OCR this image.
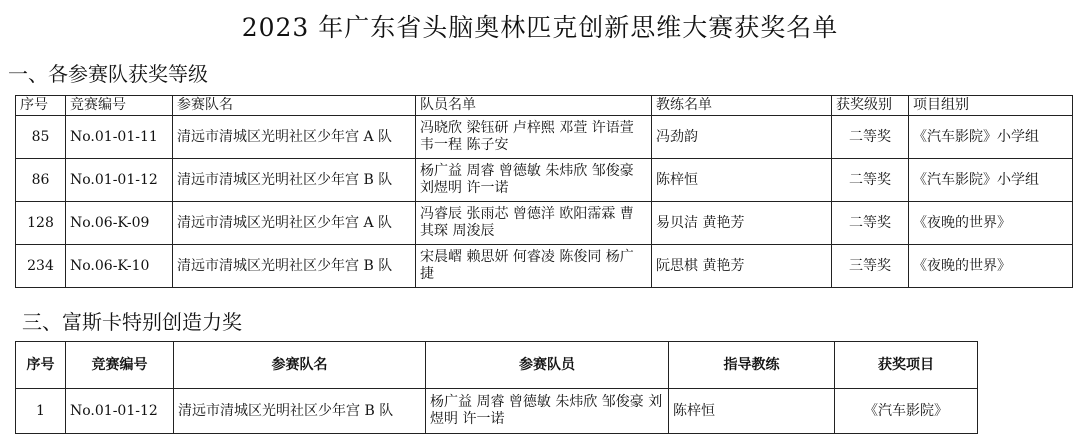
2023 年广东省头脑奥林匹克创新思维大赛获奖名单
一、各参赛队获奖等级
序号	竞赛编号	参赛队名	队员名单	教练名单	获奖级别	项目组别
85	No.01-01-11	清远市清城区光明社区少年宫 A 队	冯晓欣 梁钰研 卢梓熙 邓萱 许语萱 韦一程 陈子安	冯劲韵	二等奖	《汽车影院》小学组
86	No.01-01-12	清远市清城区光明社区少年宫 B 队	杨广益 周睿 曾德敏 朱炜欣 邹俊豪 刘煜明 许一诺	陈梓恒	二等奖	《汽车影院》小学组
128	No.06-K-09	清远市清城区光明社区少年宫 A 队	冯睿辰 张雨芯 曾德洋 欧阳霈霖 曹其琛 周浚辰	易贝洁 黄艳芳	二等奖	《夜晚的世界》
234	No.06-K-10	清远市清城区光明社区少年宫 B 队	宋晨嶍 赖思妍 何睿凌 陈俊同 杨广捷	阮思棋 黄艳芳	三等奖	《夜晚的世界》
三、富斯卡特别创造力奖
序号	竞赛编号	参赛队名	参赛队员	指导教练	获奖项目
1	No.01-01-12	清远市清城区光明社区少年宫 B 队	杨广益 周睿 曾德敏 朱炜欣 邹俊豪 刘煜明 许一诺	陈梓恒	《汽车影院》
